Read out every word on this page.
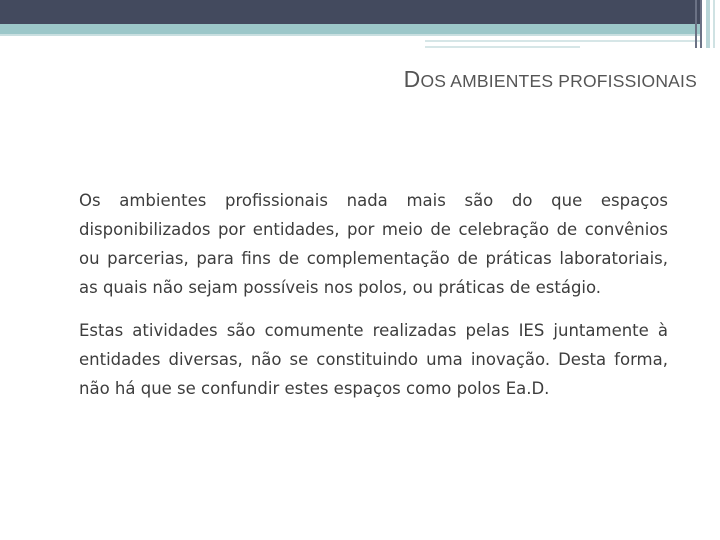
DOS AMBIENTES PROFISSIONAIS

Os ambientes profissionais nada mais são do que espaços disponibilizados por entidades, por meio de celebração de convênios ou parcerias, para fins de complementação de práticas laboratoriais, as quais não sejam possíveis nos polos, ou práticas de estágio.

Estas atividades são comumente realizadas pelas IES juntamente à entidades diversas, não se constituindo uma inovação. Desta forma, não há que se confundir estes espaços como polos Ea.D.
